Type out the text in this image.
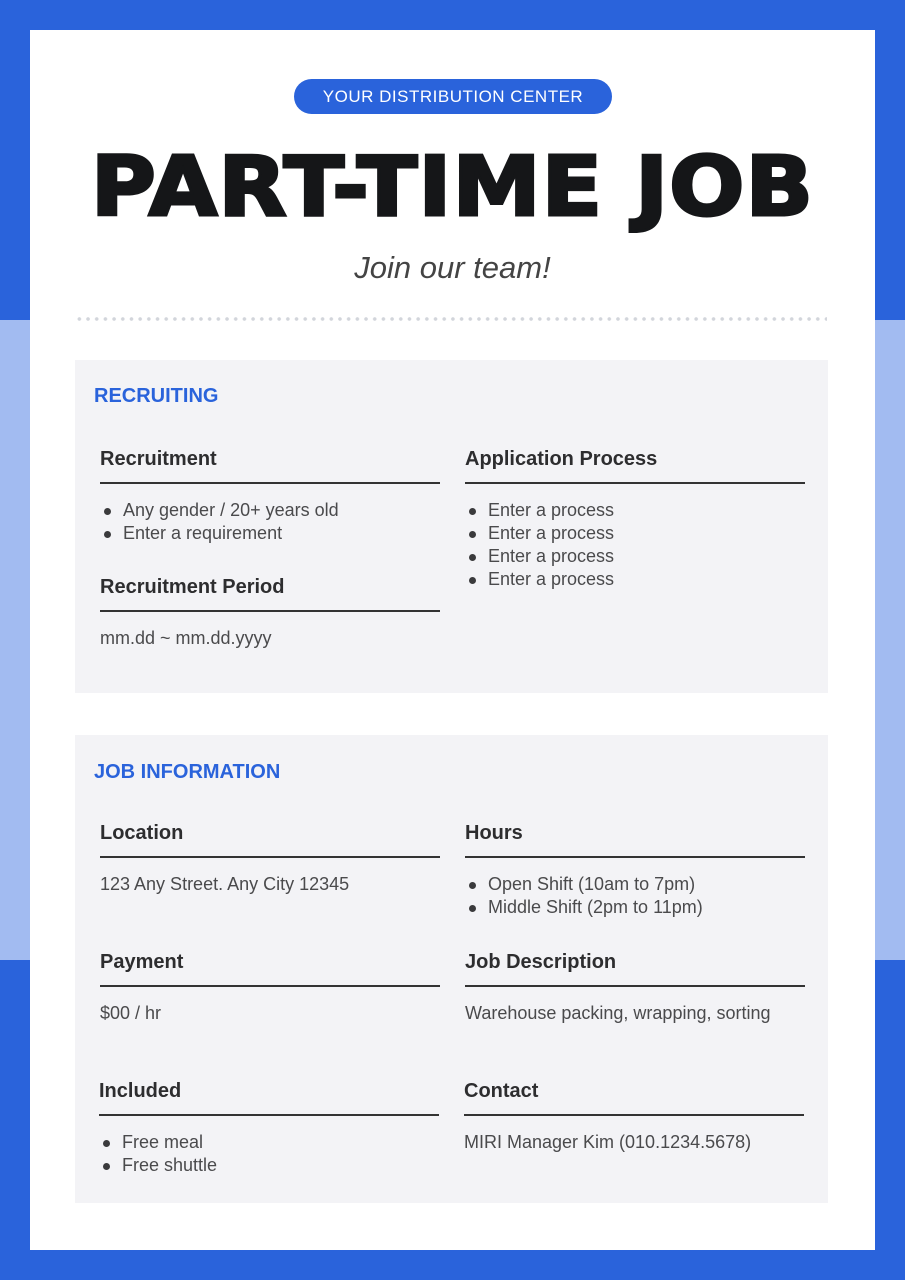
YOUR DISTRIBUTION CENTER
PART-TIME JOB
Join our team!
RECRUITING
Recruitment
Any gender / 20+ years old
Enter a requirement
Recruitment Period
mm.dd ~ mm.dd.yyyy
Application Process
Enter a process
Enter a process
Enter a process
Enter a process
JOB INFORMATION
Location
123 Any Street. Any City 12345
Hours
Open Shift (10am to 7pm)
Middle Shift (2pm to 11pm)
Payment
$00 / hr
Job Description
Warehouse packing, wrapping, sorting
Included
Free meal
Free shuttle
Contact
MIRI Manager Kim (010.1234.5678)
